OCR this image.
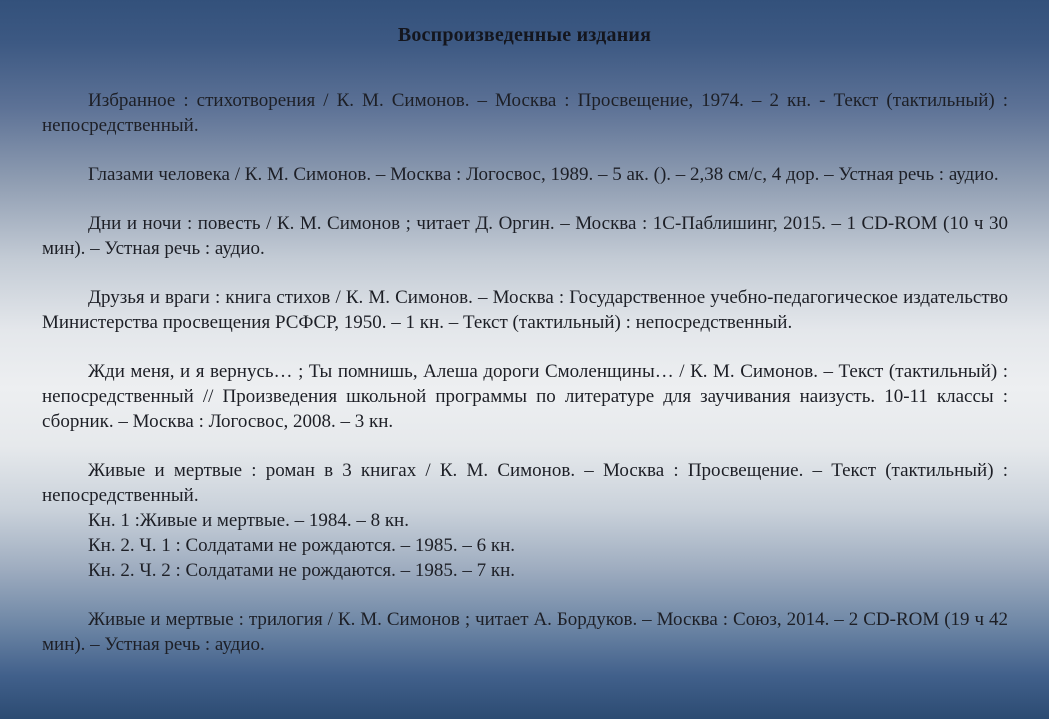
Воспроизведенные издания

Избранное : стихотворения / К. М. Симонов. – Москва : Просвещение, 1974. – 2 кн. - Текст (тактильный) : непосредственный.

Глазами человека / К. М. Симонов. – Москва : Логосвос, 1989. – 5 ак. (). – 2,38 см/с, 4 дор. – Устная речь : аудио.

Дни и ночи : повесть / К. М. Симонов ; читает Д. Оргин. – Москва : 1С-Паблишинг, 2015. – 1 CD-ROM (10 ч 30 мин). – Устная речь : аудио.

Друзья и враги : книга стихов / К. М. Симонов. – Москва : Государственное учебно-педагогическое издательство Министерства просвещения РСФСР, 1950. – 1 кн. – Текст (тактильный) : непосредственный.

Жди меня, и я вернусь… ; Ты помнишь, Алеша дороги Смоленщины… / К. М. Симонов. – Текст (тактильный) : непосредственный // Произведения школьной программы по литературе для заучивания наизусть. 10-11 классы : сборник. – Москва : Логосвос, 2008. – 3 кн.

Живые и мертвые : роман в 3 книгах / К. М. Симонов. – Москва : Просвещение. – Текст (тактильный) : непосредственный.

Кн. 1 :Живые и мертвые. – 1984. – 8 кн.
Кн. 2. Ч. 1 : Солдатами не рождаются. – 1985. – 6 кн.
Кн. 2. Ч. 2 : Солдатами не рождаются. – 1985. – 7 кн.

Живые и мертвые : трилогия / К. М. Симонов ; читает А. Бордуков. – Москва : Союз, 2014. – 2 CD-ROM (19 ч 42 мин). – Устная речь : аудио.
